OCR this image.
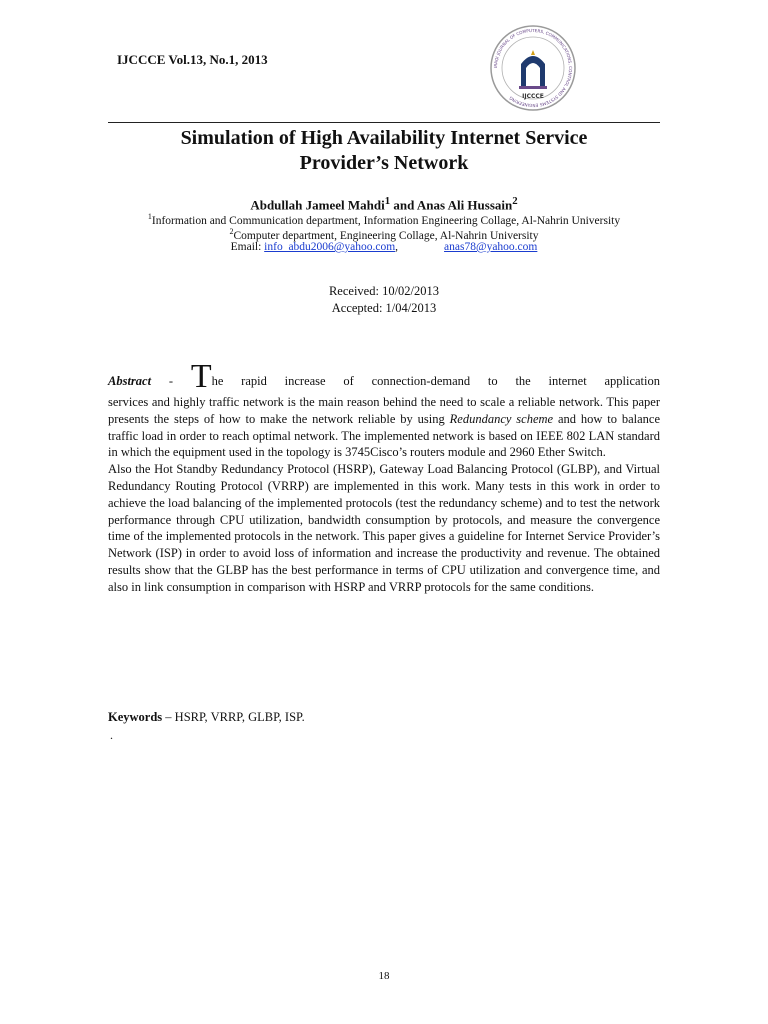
IJCCCE Vol.13, No.1, 2013
IRAQI JOURNAL OF COMPUTERS, COMMUNICATIONS, CONTROL AND SYSTEMS ENGINEERING	IJCCCE
Simulation of High Availability Internet Service
Provider’s Network
Abdullah Jameel Mahdi$^1$ and Anas Ali Hussain$^2$
$^1$Information and Communication department, Information Engineering Collage, Al-Nahrin University
$^2$Computer department, Engineering Collage, Al-Nahrin University
Email: info_abdu2006@yahoo.com,	anas78@yahoo.com
Received: 10/02/2013
Accepted: 1/04/2013
Abstract - The rapid increase of connection-demand to the internet application

services and highly traffic network is the main reason behind the need to scale a reliable network. This paper presents the steps of how to make the network reliable by using Redundancy scheme and how to balance traffic load in order to reach optimal network. The implemented network is based on IEEE 802 LAN standard in which the equipment used in the topology is 3745Cisco’s routers module and 2960 Ether Switch.

Also the Hot Standby Redundancy Protocol (HSRP), Gateway Load Balancing Protocol (GLBP), and Virtual Redundancy Routing Protocol (VRRP) are implemented in this work. Many tests in this work in order to achieve the load balancing of the implemented protocols (test the redundancy scheme) and to test the network performance through CPU utilization, bandwidth consumption by protocols, and measure the convergence time of the implemented protocols in the network. This paper gives a guideline for Internet Service Provider’s Network (ISP) in order to avoid loss of information and increase the productivity and revenue. The obtained results show that the GLBP has the best performance in terms of CPU utilization and convergence time, and also in link consumption in comparison with HSRP and VRRP protocols for the same conditions.

Keywords – HSRP, VRRP, GLBP, ISP.
.
18
